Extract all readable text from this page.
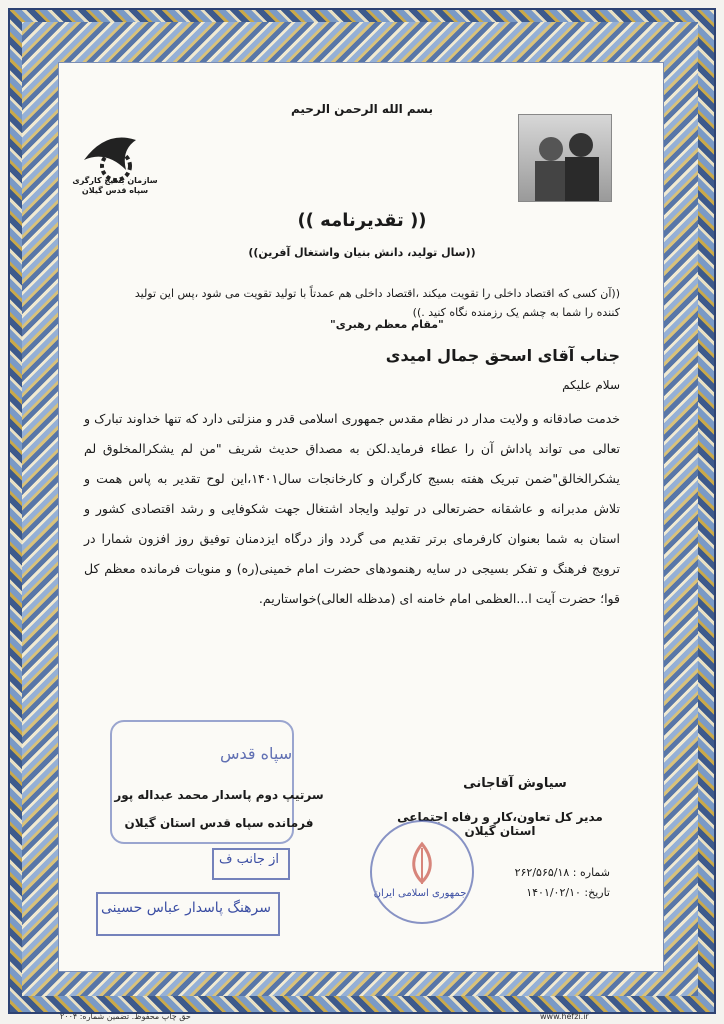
بسم الله الرحمن الرحيم
سازمان بسیج کارگری
سپاه قدس گیلان
(( تقدیرنامه ))
((سال تولید، دانش بنیان واشتغال آفرین))
((آن کسی که اقتصاد داخلی را تقویت میکند ،اقتصاد داخلی هم عمدتاً با تولید تقویت می شود ،پس این تولید
کننده را شما به چشم یک رزمنده نگاه کنید .))
"مقام معظم رهبری"
جناب آقای اسحق جمال امیدی
سلام علیکم
خدمت صادقانه و ولایت مدار در نظام مقدس جمهوری اسلامی قدر و منزلتی دارد که تنها خداوند تبارک و تعالی می تواند پاداش آن را عطاء فرماید.لکن به مصداق حدیث شریف "من لم یشکرالمخلوق لم یشکرالخالق"ضمن تبریک هفته بسیج کارگران و کارخانجات سال۱۴۰۱،این لوح تقدیر به پاس همت و تلاش مدبرانه و عاشقانه حضرتعالی در تولید وایجاد اشتغال جهت شکوفایی و رشد اقتصادی کشور و استان به شما بعنوان کارفرمای برتر تقدیم می گردد واز درگاه ایزدمنان توفیق روز افزون شمارا در ترویج فرهنگ و تفکر بسیجی در سایه رهنمودهای حضرت امام خمینی(ره) و منویات فرمانده معظم کل قوا؛ حضرت آیت ا...العظمی امام خامنه ای (مدظله العالی)خواستاریم.
سپاه قدس
سیاوش آقاجانی
مدیر کل تعاون،کار و رفاه اجتماعی استان گیلان
سرتیپ دوم پاسدار محمد عبداله پور
فرمانده سپاه قدس استان گیلان
شماره : ۲۶۲/۵۶۵/۱۸
تاریخ: ۱۴۰۱/۰۲/۱۰
جمهوری اسلامی ایران
از جانب ف
سرهنگ پاسدار عباس حسینی
حق چاپ محفوظ. تضمین شماره: ۲۰۰۴	www.hefzi.ir
